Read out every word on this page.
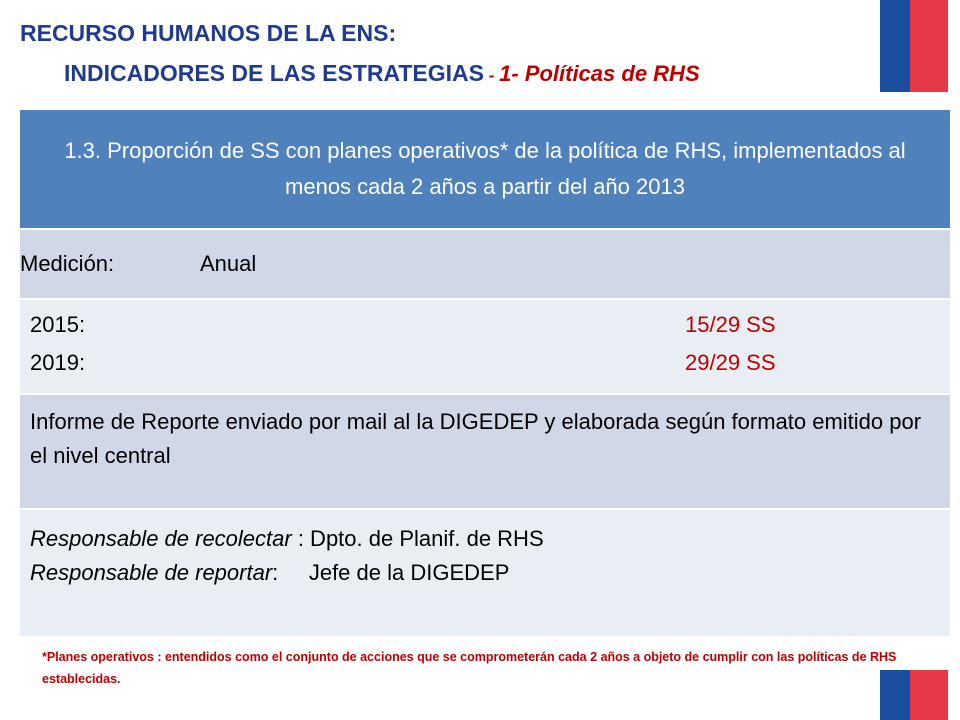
RECURSO HUMANOS DE LA ENS:
INDICADORES DE LAS ESTRATEGIAS - 1- Políticas de RHS
1.3. Proporción de SS con planes operativos* de la política de RHS, implementados al menos cada 2 años a partir del año 2013
Medición:	Anual
2015:	15/29 SS
2019:	29/29 SS
Informe de Reporte enviado por mail al la DIGEDEP y elaborada según formato emitido por el nivel central
Responsable de recolectar : Dpto. de Planif. de RHS
Responsable de reportar :     Jefe de la DIGEDEP
*Planes operativos : entendidos como el conjunto de acciones que se comprometerán cada 2 años a objeto de cumplir con las políticas de RHS establecidas.
